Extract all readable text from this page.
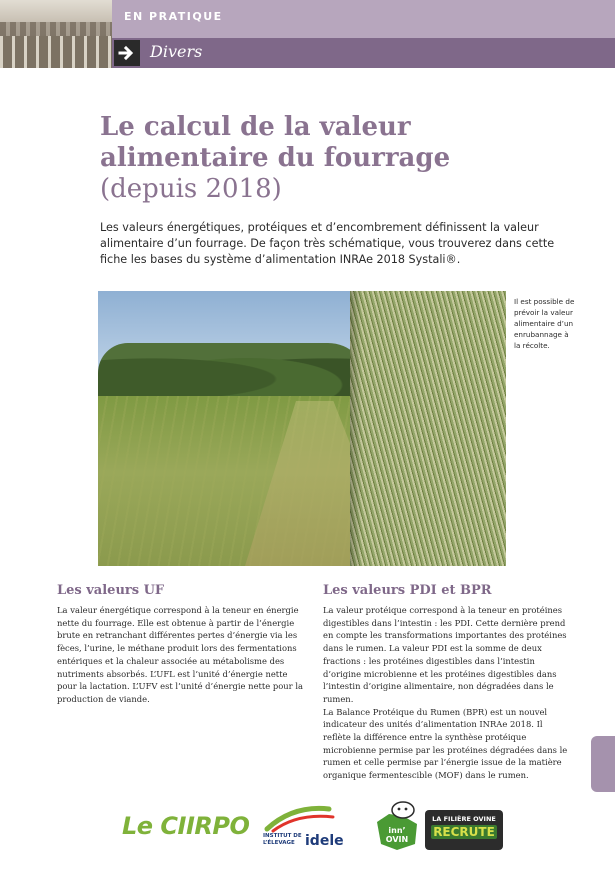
EN PRATIQUE
Divers
Le calcul de la valeur
alimentaire du fourrage
(depuis 2018)

Les valeurs énergétiques, protéiques et d’encombrement définissent la valeur alimentaire d’un fourrage. De façon très schématique, vous trouverez dans cette fiche les bases du système d’alimentation INRAe 2018 Systali®.

Il est possible de prévoir la valeur alimentaire d’un enrubannage à la récolte.
Les valeurs UF

La valeur énergétique correspond à la teneur en énergie nette du fourrage. Elle est obtenue à partir de l’énergie brute en retranchant différentes pertes d’énergie via les fèces, l’urine, le méthane produit lors des fermentations entériques et la chaleur associée au métabolisme des nutriments absorbés. L’UFL est l’unité d’énergie nette pour la lactation. L’UFV est l’unité d’énergie nette pour la production de viande.

Les valeurs PDI et BPR

La valeur protéique correspond à la teneur en protéines digestibles dans l’intestin : les PDI. Cette dernière prend en compte les transformations importantes des protéines dans le rumen. La valeur PDI est la somme de deux fractions : les protéines digestibles dans l’intestin d’origine microbienne et les protéines digestibles dans l’intestin d’origine alimentaire, non dégradées dans le rumen.

La Balance Protéique du Rumen (BPR) est un nouvel indicateur des unités d’alimentation INRAe 2018. Il reflète la différence entre la synthèse protéique microbienne permise par les protéines dégradées dans le rumen et celle permise par l’énergie issue de la matière organique fermentescible (MOF) dans le rumen.

Le CIIRPO INSTITUT DE L’ÉLEVAGE idele
inn’ OVIN
LA FILIÈRE OVINE
RECRUTE
